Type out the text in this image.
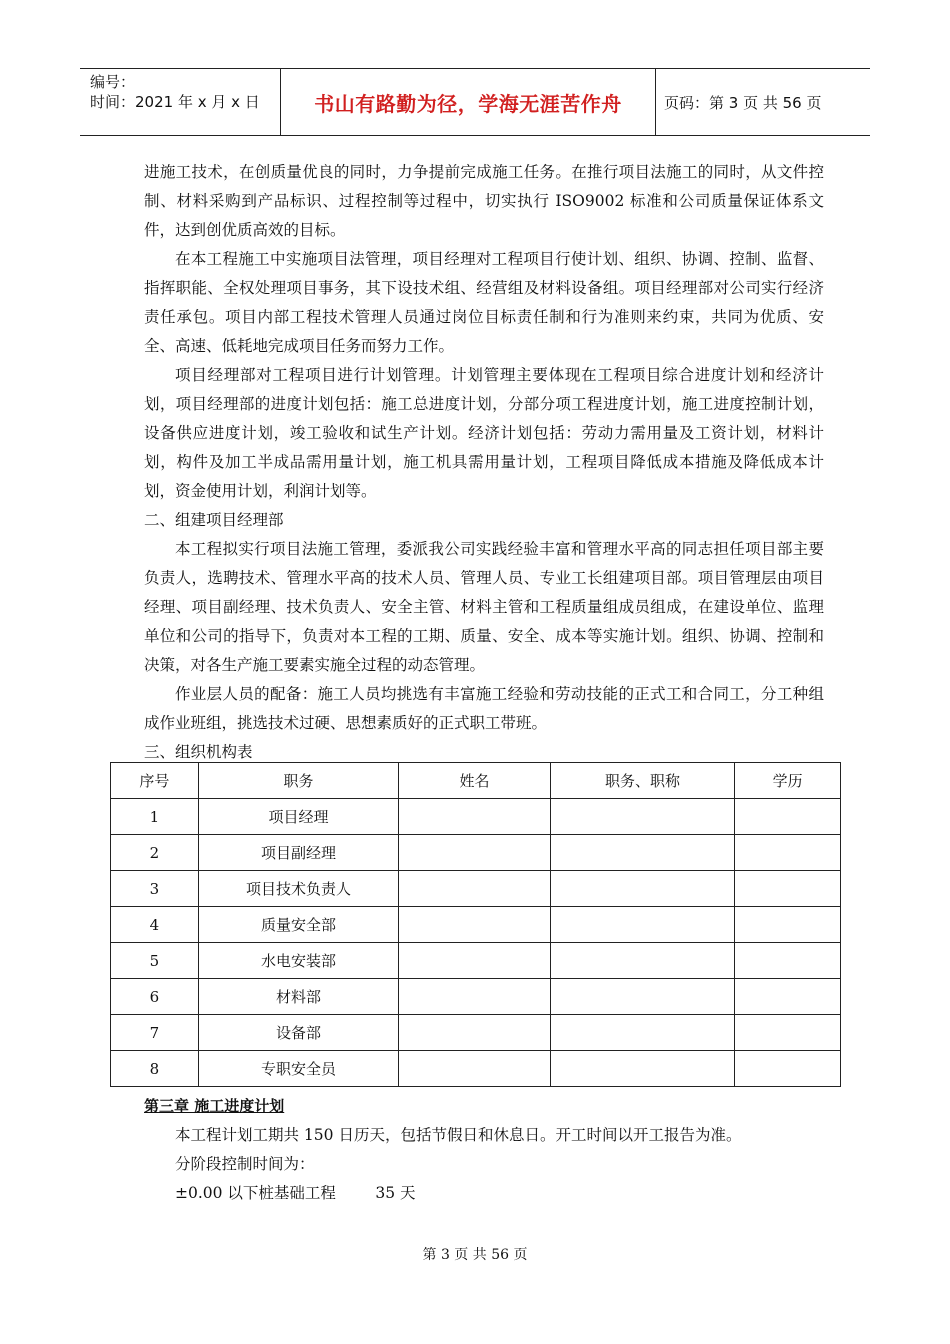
编号：
时间：2021 年 x 月 x 日	书山有路勤为径，学海无涯苦作舟	页码：第 3 页 共 56 页

进施工技术，在创质量优良的同时，力争提前完成施工任务。在推行项目法施工的同时，从文件控制、材料采购到产品标识、过程控制等过程中，切实执行 ISO9002 标准和公司质量保证体系文件，达到创优质高效的目标。

在本工程施工中实施项目法管理，项目经理对工程项目行使计划、组织、协调、控制、监督、指挥职能、全权处理项目事务，其下设技术组、经营组及材料设备组。项目经理部对公司实行经济责任承包。项目内部工程技术管理人员通过岗位目标责任制和行为准则来约束，共同为优质、安全、高速、低耗地完成项目任务而努力工作。

项目经理部对工程项目进行计划管理。计划管理主要体现在工程项目综合进度计划和经济计划，项目经理部的进度计划包括：施工总进度计划，分部分项工程进度计划，施工进度控制计划，设备供应进度计划，竣工验收和试生产计划。经济计划包括：劳动力需用量及工资计划，材料计划，构件及加工半成品需用量计划，施工机具需用量计划，工程项目降低成本措施及降低成本计划，资金使用计划，利润计划等。

二、组建项目经理部

本工程拟实行项目法施工管理，委派我公司实践经验丰富和管理水平高的同志担任项目部主要负责人，选聘技术、管理水平高的技术人员、管理人员、专业工长组建项目部。项目管理层由项目经理、项目副经理、技术负责人、安全主管、材料主管和工程质量组成员组成，在建设单位、监理单位和公司的指导下，负责对本工程的工期、质量、安全、成本等实施计划。组织、协调、控制和决策，对各生产施工要素实施全过程的动态管理。

作业层人员的配备：施工人员均挑选有丰富施工经验和劳动技能的正式工和合同工，分工种组成作业班组，挑选技术过硬、思想素质好的正式职工带班。

三、组织机构表

序号	职务	姓名	职务、职称	学历
1	项目经理			
2	项目副经理			
3	项目技术负责人			
4	质量安全部			
5	水电安装部			
6	材料部			
7	设备部			
8	专职安全员			

第三章 施工进度计划

本工程计划工期共 150 日历天，包括节假日和休息日。开工时间以开工报告为准。

分阶段控制时间为：

±0.00 以下桩基础工程        35 天

第 3 页 共 56 页
